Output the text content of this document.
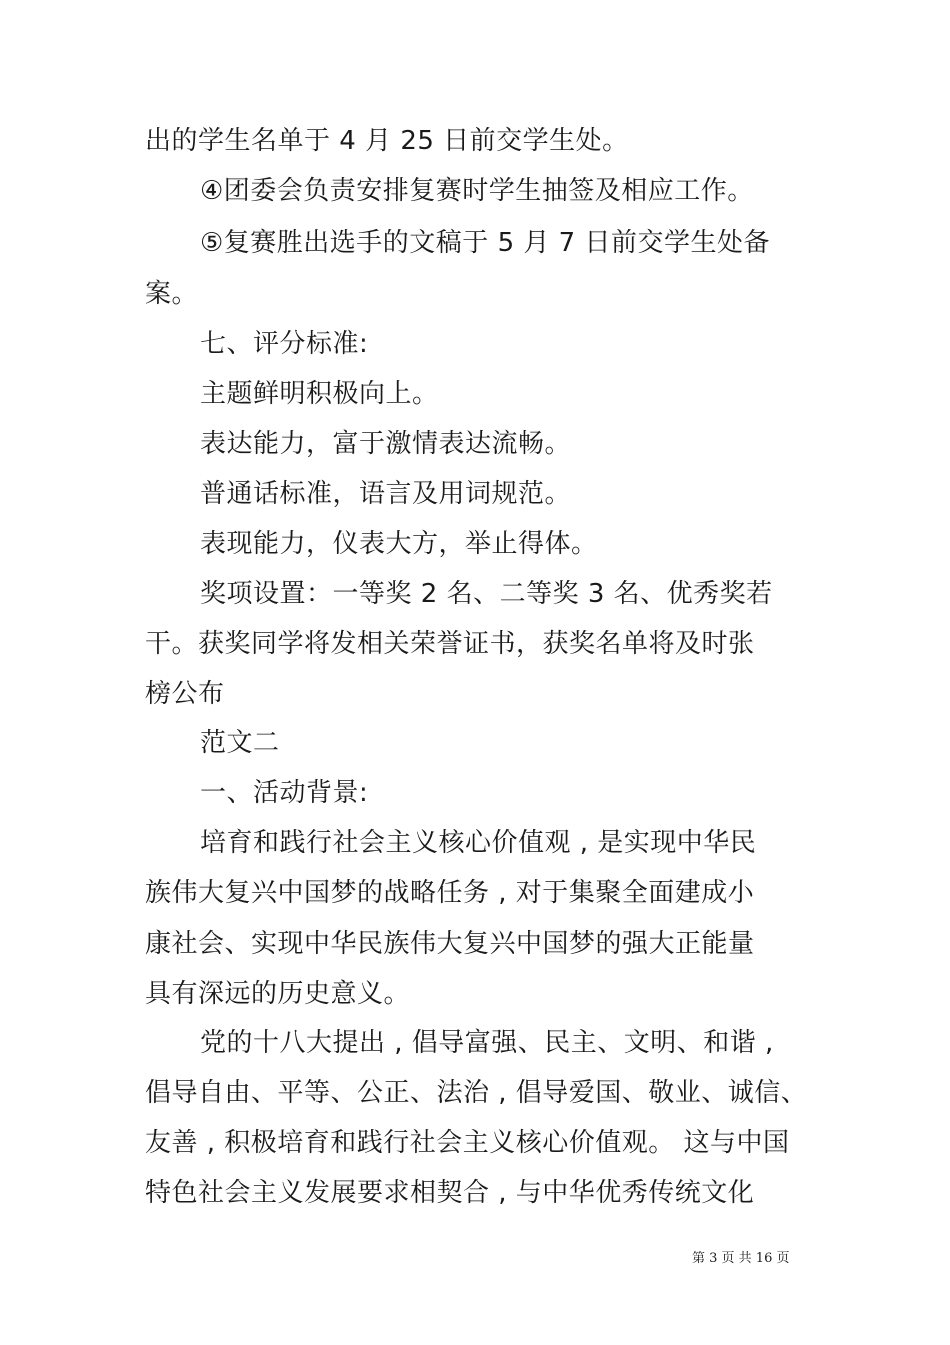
出的学生名单于 4 月 25 日前交学生处。
④团委会负责安排复赛时学生抽签及相应工作。
⑤复赛胜出选手的文稿于 5 月 7 日前交学生处备
案。
七、评分标准:
主题鲜明积极向上。
表达能力，富于激情表达流畅。
普通话标准，语言及用词规范。
表现能力，仪表大方，举止得体。
奖项设置：一等奖 2 名、二等奖 3 名、优秀奖若
干。获奖同学将发相关荣誉证书，获奖名单将及时张
榜公布
范文二
一、活动背景:
培育和践行社会主义核心价值观 , 是实现中华民
族伟大复兴中国梦的战略任务 , 对于集聚全面建成小
康社会、实现中华民族伟大复兴中国梦的强大正能量
具有深远的历史意义。
党的十八大提出 , 倡导富强、民主、文明、和谐 ,
倡导自由、平等、公正、法治 , 倡导爱国、敬业、诚信、
友善 , 积极培育和践行社会主义核心价值观。 这与中国
特色社会主义发展要求相契合 , 与中华优秀传统文化
第 3 页 共 16 页
